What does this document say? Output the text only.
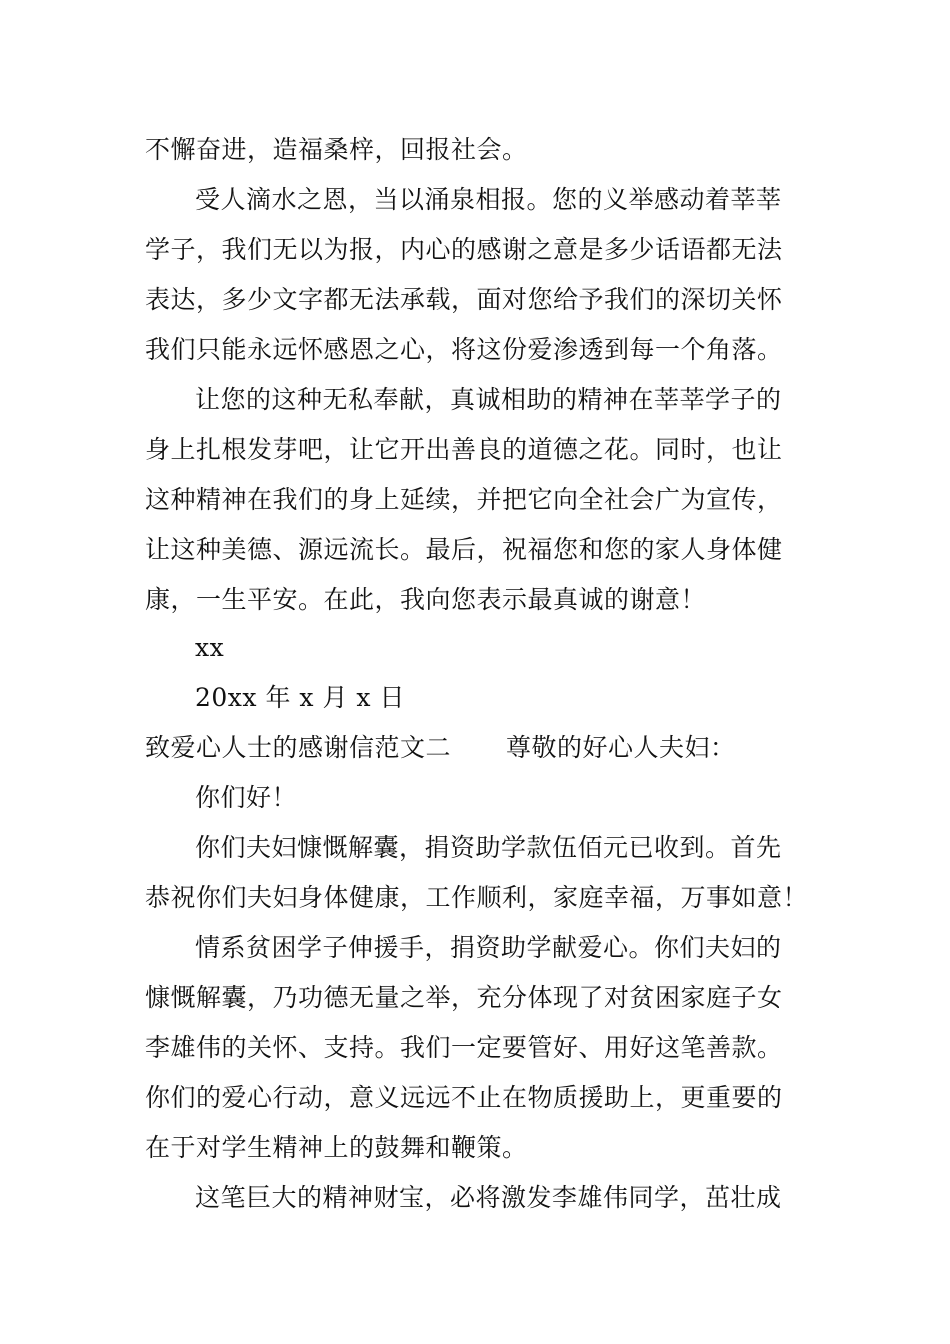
不懈奋进，造福桑梓，回报社会。
受人滴水之恩，当以涌泉相报。您的义举感动着莘莘
学子，我们无以为报，内心的感谢之意是多少话语都无法
表达，多少文字都无法承载，面对您给予我们的深切关怀
我们只能永远怀感恩之心，将这份爱渗透到每一个角落。
让您的这种无私奉献，真诚相助的精神在莘莘学子的
身上扎根发芽吧，让它开出善良的道德之花。同时，也让
这种精神在我们的身上延续，并把它向全社会广为宣传，
让这种美德、源远流长。最后，祝福您和您的家人身体健
康，一生平安。在此，我向您表示最真诚的谢意！
xx
20xx 年 x 月 x 日
致爱心人士的感谢信范文二 尊敬的好心人夫妇：
你们好！
你们夫妇慷慨解囊，捐资助学款伍佰元已收到。首先
恭祝你们夫妇身体健康，工作顺利，家庭幸福，万事如意！
情系贫困学子伸援手，捐资助学献爱心。你们夫妇的
慷慨解囊，乃功德无量之举，充分体现了对贫困家庭子女
李雄伟的关怀、支持。我们一定要管好、用好这笔善款。
你们的爱心行动，意义远远不止在物质援助上，更重要的
在于对学生精神上的鼓舞和鞭策。
这笔巨大的精神财宝，必将激发李雄伟同学，茁壮成
